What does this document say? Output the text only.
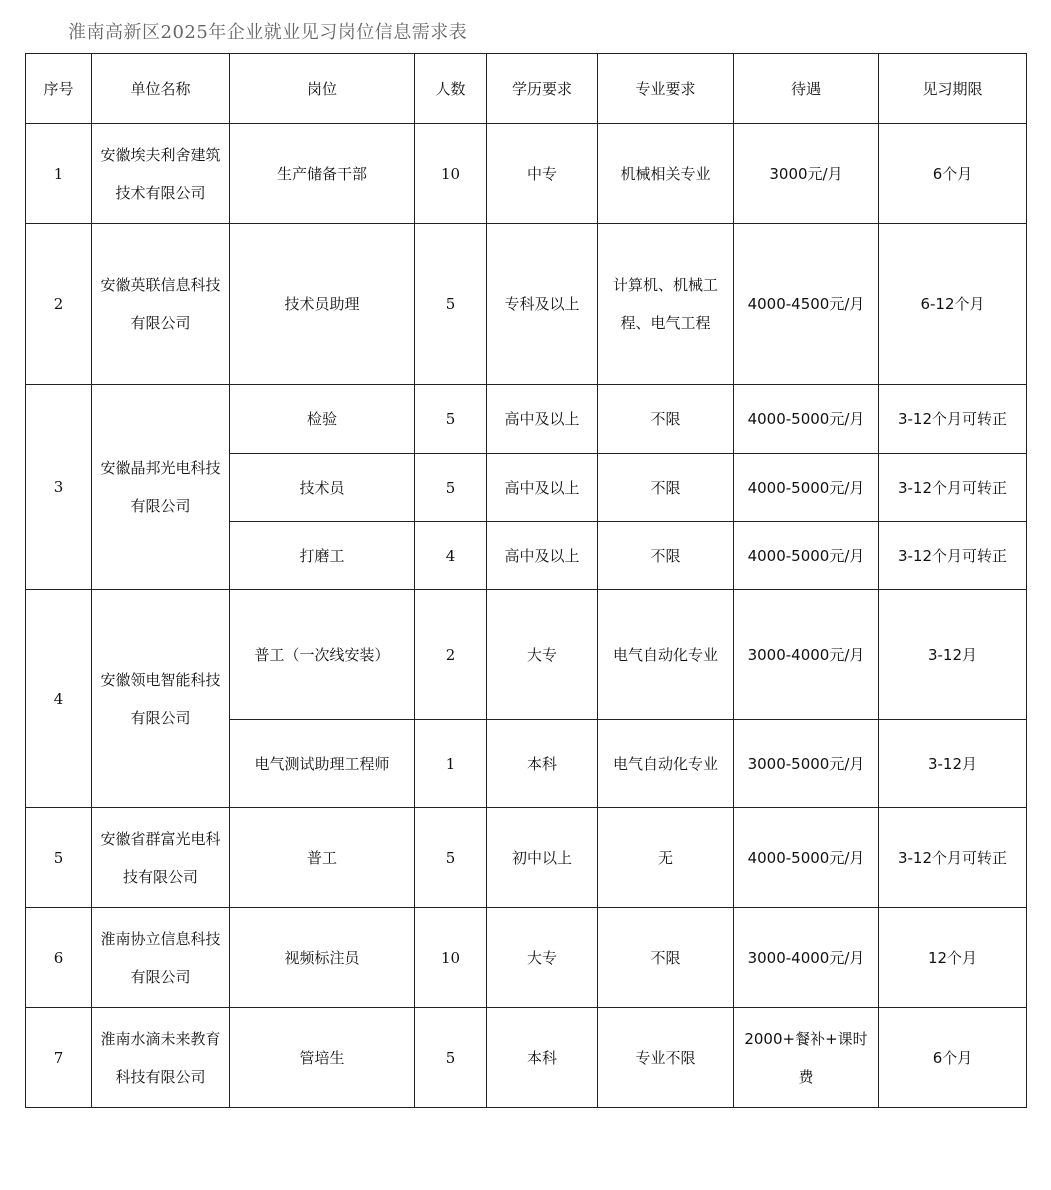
淮南高新区2025年企业就业见习岗位信息需求表
序号	单位名称	岗位	人数	学历要求	专业要求	待遇	见习期限
1	安徽埃夫利舍建筑技术有限公司	生产储备干部	10	中专	机械相关专业	3000元/月	6个月
2	安徽英联信息科技有限公司	技术员助理	5	专科及以上	计算机、机械工程、电气工程	4000-4500元/月	6-12个月
3	安徽晶邦光电科技有限公司	检验	5	高中及以上	不限	4000-5000元/月	3-12个月可转正
		技术员	5	高中及以上	不限	4000-5000元/月	3-12个月可转正
		打磨工	4	高中及以上	不限	4000-5000元/月	3-12个月可转正
4	安徽领电智能科技有限公司	普工（一次线安装）	2	大专	电气自动化专业	3000-4000元/月	3-12月
		电气测试助理工程师	1	本科	电气自动化专业	3000-5000元/月	3-12月
5	安徽省群富光电科技有限公司	普工	5	初中以上	无	4000-5000元/月	3-12个月可转正
6	淮南协立信息科技有限公司	视频标注员	10	大专	不限	3000-4000元/月	12个月
7	淮南水滴未来教育科技有限公司	管培生	5	本科	专业不限	2000+餐补+课时费	6个月
